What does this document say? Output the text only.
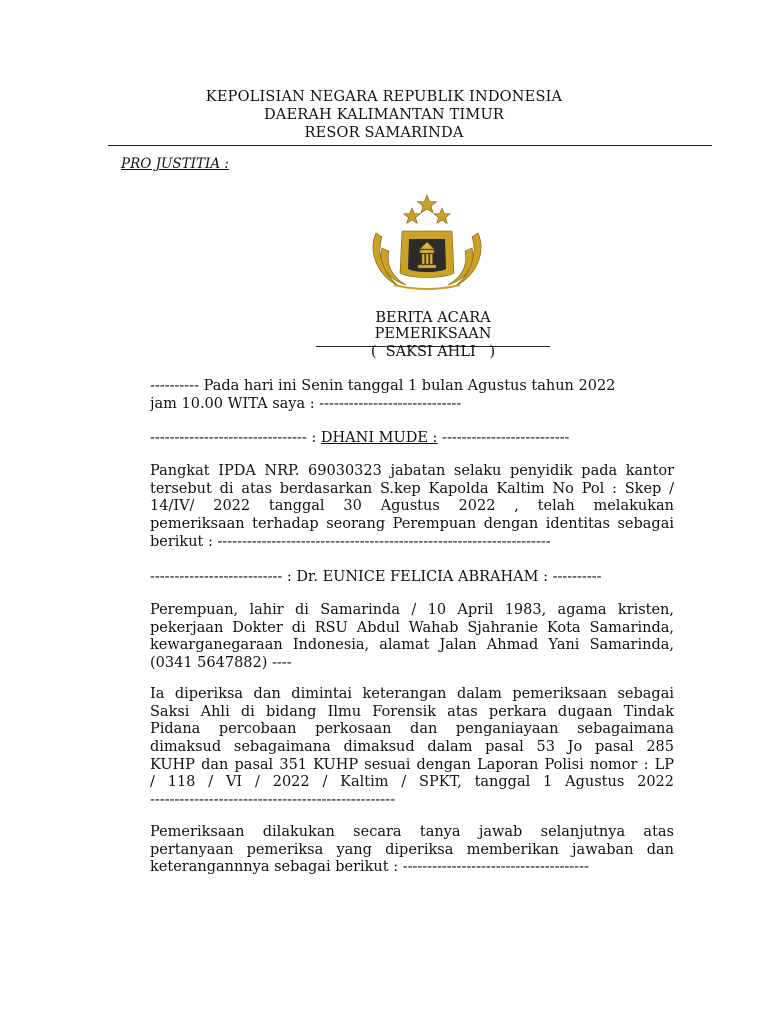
KEPOLISIAN NEGARA REPUBLIK INDONESIA
DAERAH KALIMANTAN TIMUR
RESOR SAMARINDA
PRO JUSTITIA :
BERITA ACARA PEMERIKSAAN
(  SAKSI AHLI   )
---------- Pada hari ini Senin tanggal 1 bulan Agustus tahun 2022
jam 10.00 WITA saya : -----------------------------
-------------------------------- : DHANI MUDE : --------------------------
Pangkat IPDA NRP. 69030323 jabatan selaku penyidik pada kantor
tersebut di atas berdasarkan S.kep Kapolda Kaltim No Pol : Skep /
14/IV/ 2022 tanggal 30 Agustus 2022 , telah melakukan
pemeriksaan terhadap seorang Perempuan dengan identitas sebagai
berikut : --------------------------------------------------------------------
--------------------------- : Dr. EUNICE FELICIA ABRAHAM : ----------
Perempuan, lahir di Samarinda / 10 April 1983, agama kristen,
pekerjaan Dokter di RSU Abdul Wahab Sjahranie Kota Samarinda,
kewarganegaraan Indonesia, alamat Jalan Ahmad Yani Samarinda,
(0341 5647882) ----
Ia diperiksa dan dimintai keterangan dalam pemeriksaan sebagai
Saksi Ahli di bidang Ilmu Forensik atas perkara dugaan Tindak
Pidana percobaan perkosaan dan penganiayaan sebagaimana
dimaksud sebagaimana dimaksud dalam pasal 53 Jo pasal 285
KUHP dan pasal 351 KUHP sesuai dengan Laporan Polisi nomor : LP
/ 118 / VI / 2022 / Kaltim / SPKT, tanggal 1 Agustus 2022
--------------------------------------------------
Pemeriksaan dilakukan secara tanya jawab selanjutnya atas
pertanyaan pemeriksa yang diperiksa memberikan jawaban dan
keterangannnya sebagai berikut : --------------------------------------
